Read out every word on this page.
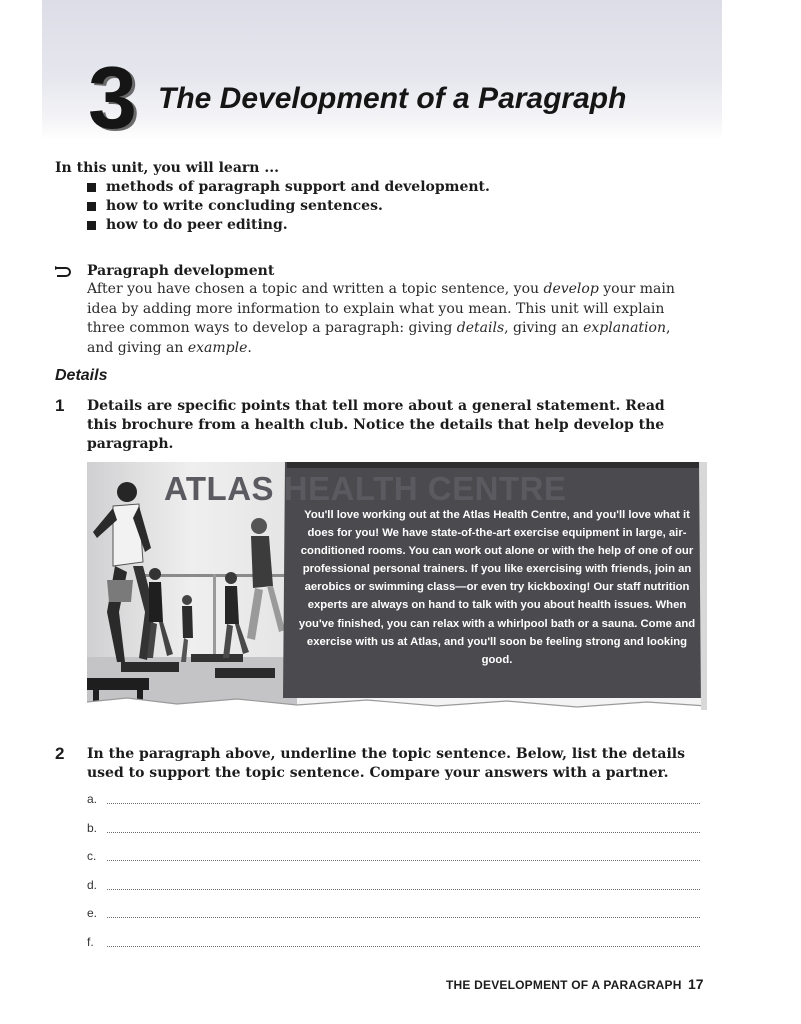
3 The Development of a Paragraph
In this unit, you will learn ...
methods of paragraph support and development.
how to write concluding sentences.
how to do peer editing.
Paragraph development
After you have chosen a topic and written a topic sentence, you develop your main idea by adding more information to explain what you mean. This unit will explain three common ways to develop a paragraph: giving details, giving an explanation, and giving an example.
Details
1 Details are specific points that tell more about a general statement. Read this brochure from a health club. Notice the details that help develop the paragraph.
ATLAS HEALTH CENTRE
You'll love working out at the Atlas Health Centre, and you'll love what it does for you! We have state-of-the-art exercise equipment in large, air-conditioned rooms. You can work out alone or with the help of one of our professional personal trainers. If you like exercising with friends, join an aerobics or swimming class—or even try kickboxing! Our staff nutrition experts are always on hand to talk with you about health issues. When you've finished, you can relax with a whirlpool bath or a sauna. Come and exercise with us at Atlas, and you'll soon be feeling strong and looking good.
2 In the paragraph above, underline the topic sentence. Below, list the details used to support the topic sentence. Compare your answers with a partner.
a.
b.
c.
d.
e.
f.
THE DEVELOPMENT OF A PARAGRAPH 17
